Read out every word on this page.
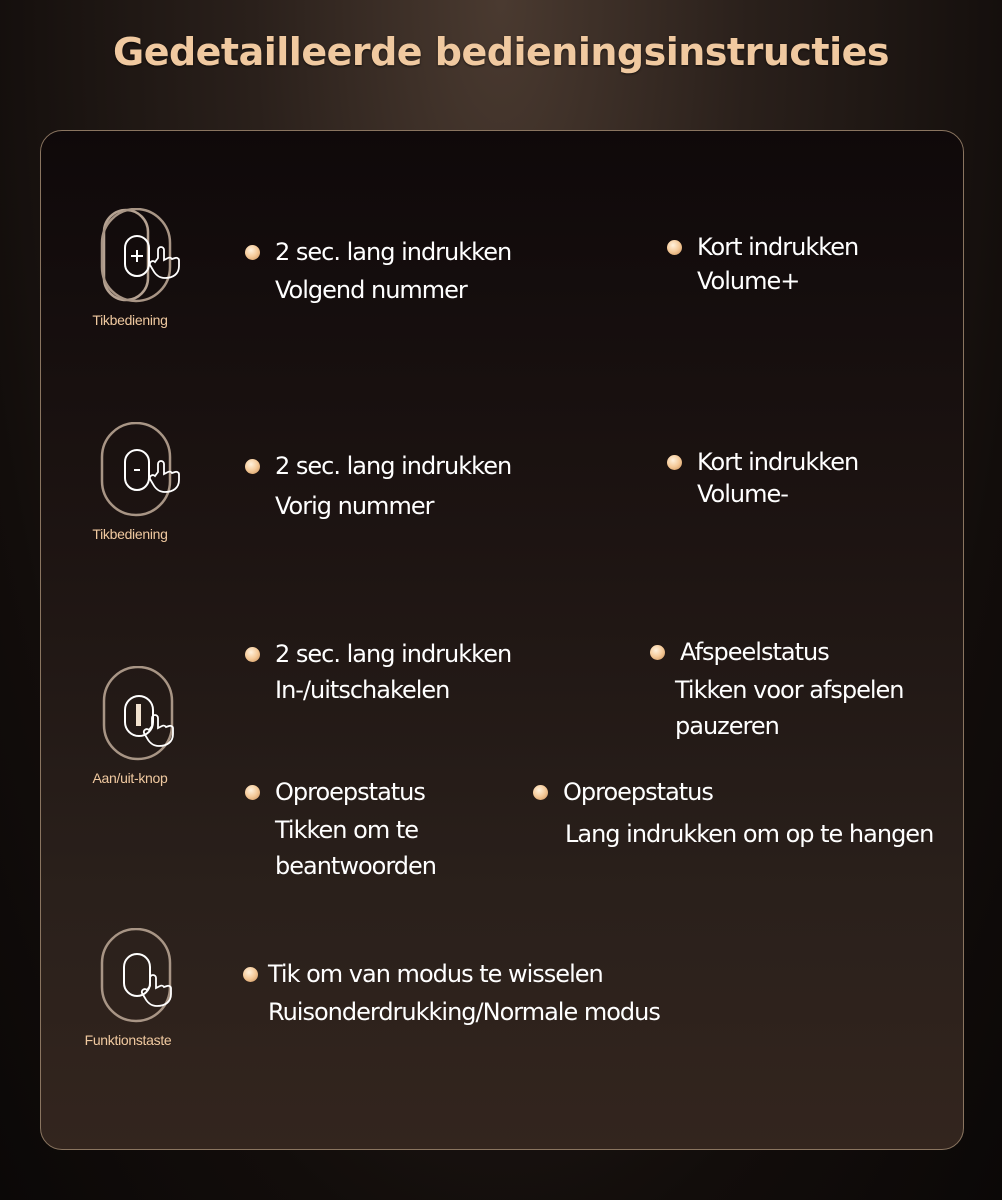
Gedetailleerde bedieningsinstructies
Tikbediening
2 sec. lang indrukken
Volgend nummer
Kort indrukken
Volume+
Tikbediening
2 sec. lang indrukken
Vorig nummer
Kort indrukken
Volume-
Aan/uit-knop
2 sec. lang indrukken
In-/uitschakelen
Afspeelstatus
Tikken voor afspelen pauzeren
Oproepstatus
Tikken om te beantwoorden
Oproepstatus
Lang indrukken om op te hangen
Funktionstaste
Tik om van modus te wisselen
Ruisonderdrukking/Normale modus
